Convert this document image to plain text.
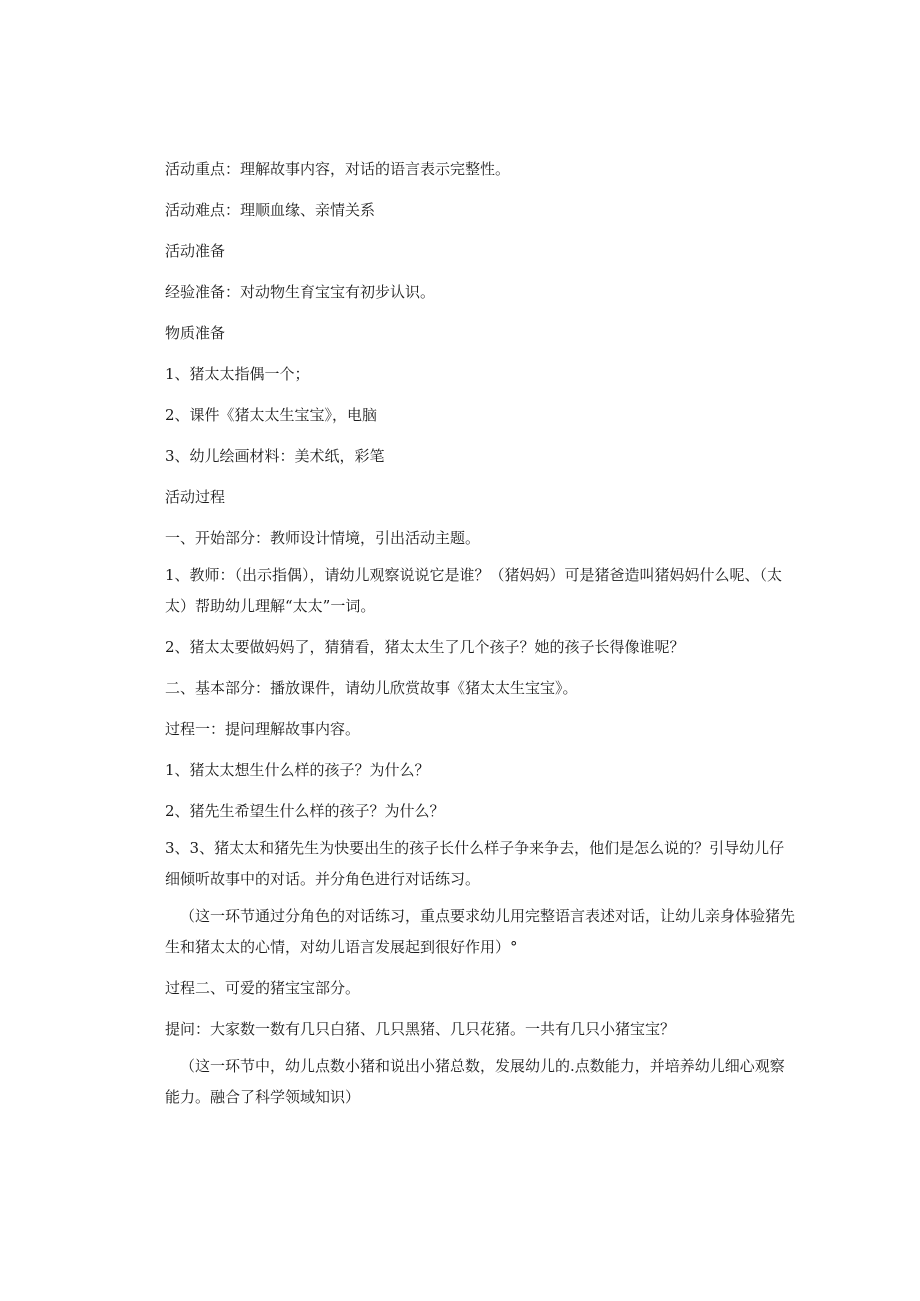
活动重点：理解故事内容，对话的语言表示完整性。

活动难点：理顺血缘、亲情关系

活动准备

经验准备：对动物生育宝宝有初步认识。

物质准备

1、猪太太指偶一个；

2、课件《猪太太生宝宝》，电脑

3、幼儿绘画材料：美术纸，彩笔

活动过程

一、开始部分：教师设计情境，引出活动主题。

1、教师：（出示指偶），请幼儿观察说说它是谁？（猪妈妈）可是猪爸造叫猪妈妈什么呢、（太太）帮助幼儿理解“太太”一词。

2、猪太太要做妈妈了，猜猜看，猪太太生了几个孩子？她的孩子长得像谁呢？

二、基本部分：播放课件，请幼儿欣赏故事《猪太太生宝宝》。

过程一：提问理解故事内容。

1、猪太太想生什么样的孩子？为什么？

2、猪先生希望生什么样的孩子？为什么？

3、3、猪太太和猪先生为快要出生的孩子长什么样子争来争去，他们是怎么说的？引导幼儿仔细倾听故事中的对话。并分角色进行对话练习。

（这一环节通过分角色的对话练习，重点要求幼儿用完整语言表述对话，让幼儿亲身体验猪先生和猪太太的心情，对幼儿语言发展起到很好作用）°

过程二、可爱的猪宝宝部分。

提问：大家数一数有几只白猪、几只黑猪、几只花猪。一共有几只小猪宝宝？

（这一环节中，幼儿点数小猪和说出小猪总数，发展幼儿的.点数能力，并培养幼儿细心观察能力。融合了科学领域知识）
